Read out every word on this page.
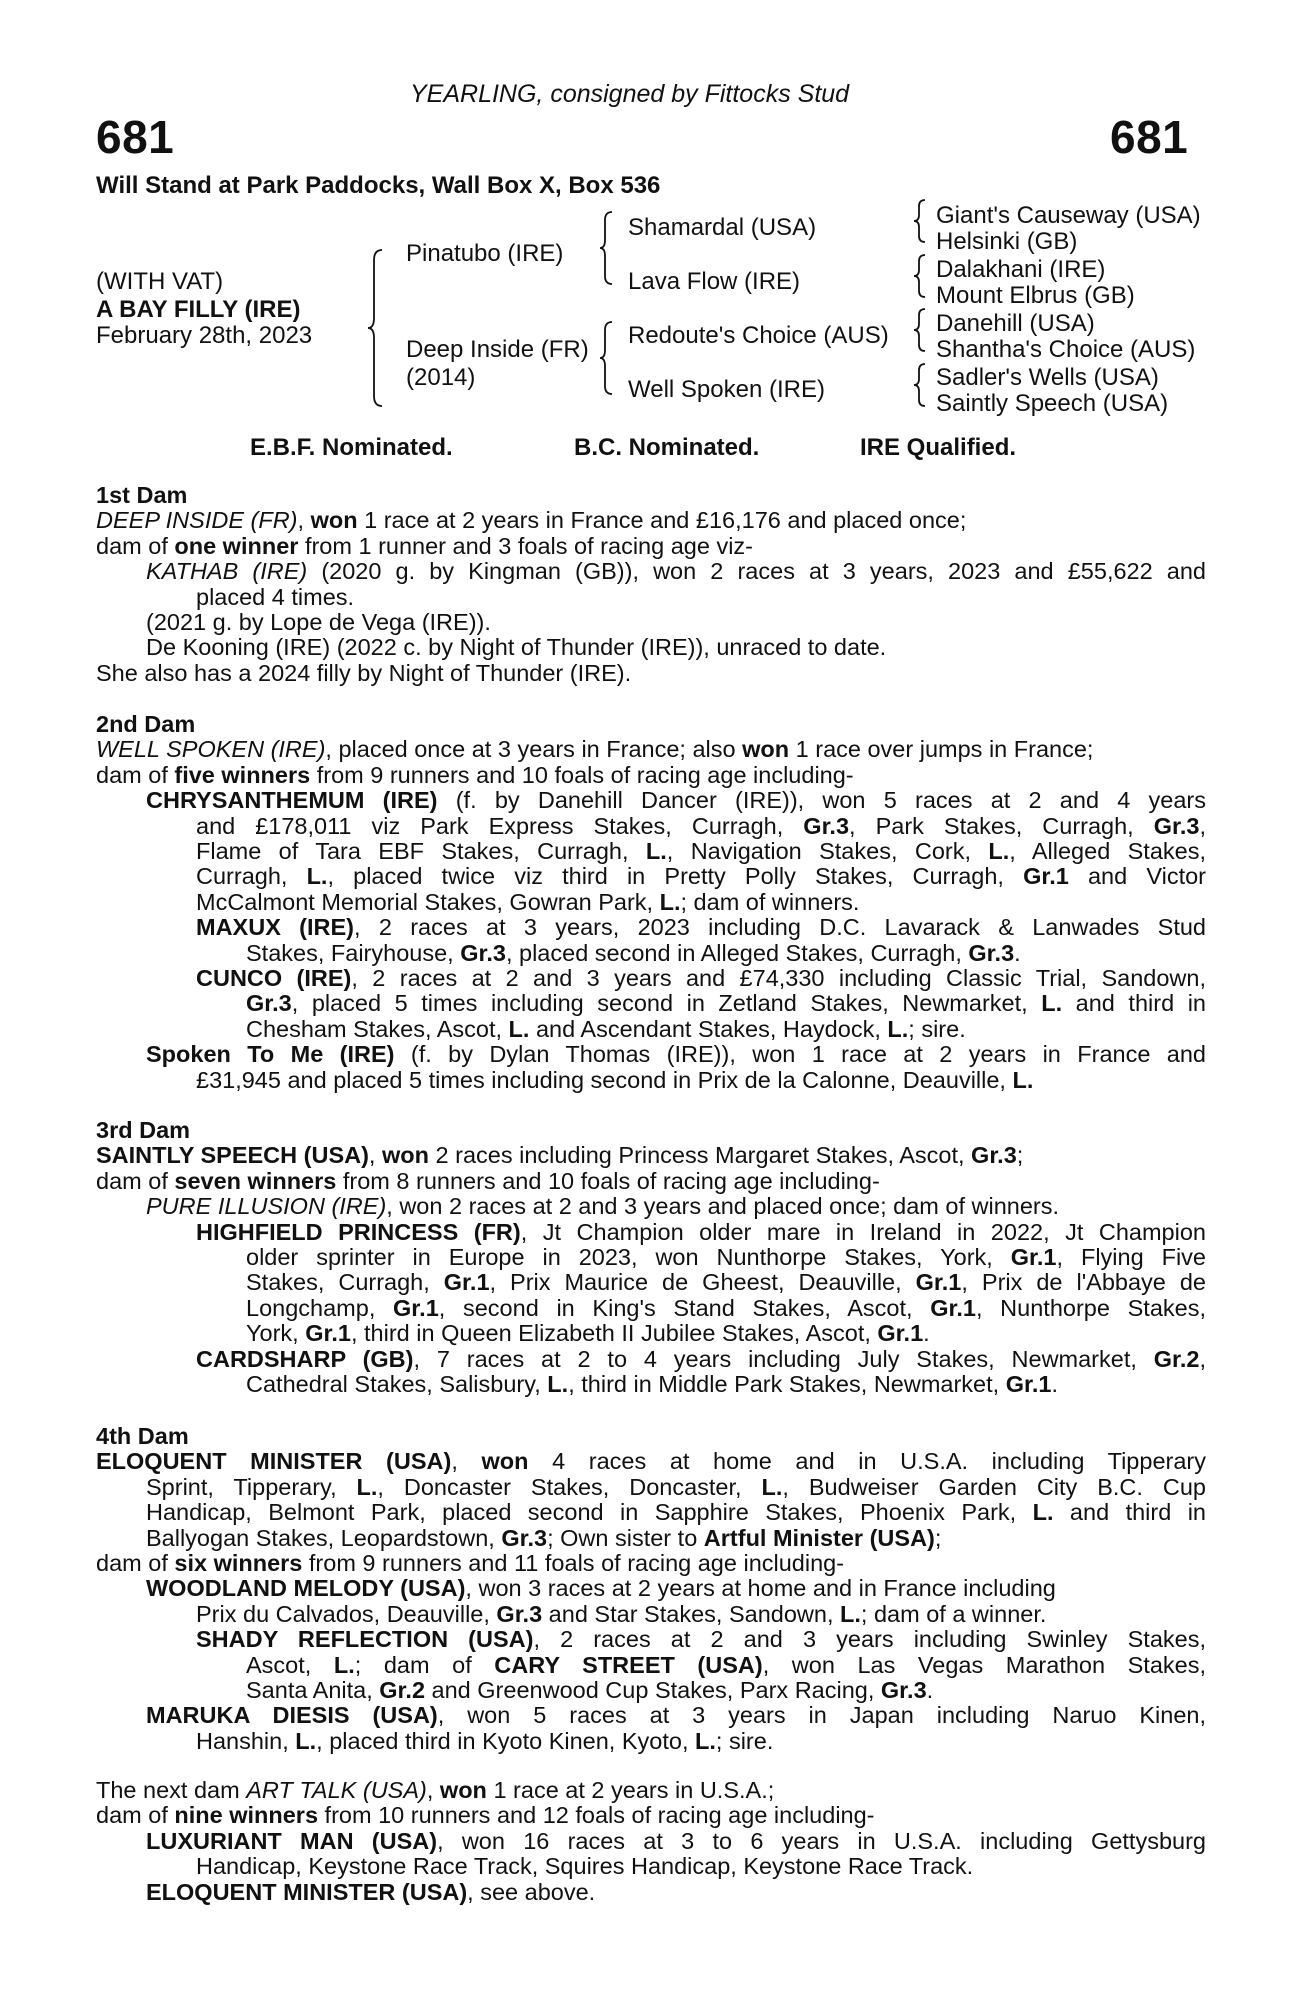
YEARLING, consigned by Fittocks Stud
681	681
Will Stand at Park Paddocks, Wall Box X, Box 536
(WITH VAT)
A BAY FILLY (IRE)
February 28th, 2023
Pinatubo (IRE)
Deep Inside (FR)
(2014)
Shamardal (USA)
Lava Flow (IRE)
Redoute's Choice (AUS)
Well Spoken (IRE)
Giant's Causeway (USA)
Helsinki (GB)
Dalakhani (IRE)
Mount Elbrus (GB)
Danehill (USA)
Shantha's Choice (AUS)
Sadler's Wells (USA)
Saintly Speech (USA)
E.B.F. Nominated.	B.C. Nominated.	IRE Qualified.
1st Dam
DEEP INSIDE (FR), won 1 race at 2 years in France and £16,176 and placed once;
dam of one winner from 1 runner and 3 foals of racing age viz-
KATHAB (IRE) (2020 g. by Kingman (GB)), won 2 races at 3 years, 2023 and £55,622 and
placed 4 times.
(2021 g. by Lope de Vega (IRE)).
De Kooning (IRE) (2022 c. by Night of Thunder (IRE)), unraced to date.
She also has a 2024 filly by Night of Thunder (IRE).
2nd Dam
WELL SPOKEN (IRE), placed once at 3 years in France; also won 1 race over jumps in France;
dam of five winners from 9 runners and 10 foals of racing age including-
CHRYSANTHEMUM (IRE) (f. by Danehill Dancer (IRE)), won 5 races at 2 and 4 years
and £178,011 viz Park Express Stakes, Curragh, Gr.3, Park Stakes, Curragh, Gr.3,
Flame of Tara EBF Stakes, Curragh, L., Navigation Stakes, Cork, L., Alleged Stakes,
Curragh, L., placed twice viz third in Pretty Polly Stakes, Curragh, Gr.1 and Victor
McCalmont Memorial Stakes, Gowran Park, L.; dam of winners.
MAXUX (IRE), 2 races at 3 years, 2023 including D.C. Lavarack & Lanwades Stud
Stakes, Fairyhouse, Gr.3, placed second in Alleged Stakes, Curragh, Gr.3.
CUNCO (IRE), 2 races at 2 and 3 years and £74,330 including Classic Trial, Sandown,
Gr.3, placed 5 times including second in Zetland Stakes, Newmarket, L. and third in
Chesham Stakes, Ascot, L. and Ascendant Stakes, Haydock, L.; sire.
Spoken To Me (IRE) (f. by Dylan Thomas (IRE)), won 1 race at 2 years in France and
£31,945 and placed 5 times including second in Prix de la Calonne, Deauville, L.
3rd Dam
SAINTLY SPEECH (USA), won 2 races including Princess Margaret Stakes, Ascot, Gr.3;
dam of seven winners from 8 runners and 10 foals of racing age including-
PURE ILLUSION (IRE), won 2 races at 2 and 3 years and placed once; dam of winners.
HIGHFIELD PRINCESS (FR), Jt Champion older mare in Ireland in 2022, Jt Champion
older sprinter in Europe in 2023, won Nunthorpe Stakes, York, Gr.1, Flying Five
Stakes, Curragh, Gr.1, Prix Maurice de Gheest, Deauville, Gr.1, Prix de l'Abbaye de
Longchamp, Gr.1, second in King's Stand Stakes, Ascot, Gr.1, Nunthorpe Stakes,
York, Gr.1, third in Queen Elizabeth II Jubilee Stakes, Ascot, Gr.1.
CARDSHARP (GB), 7 races at 2 to 4 years including July Stakes, Newmarket, Gr.2,
Cathedral Stakes, Salisbury, L., third in Middle Park Stakes, Newmarket, Gr.1.
4th Dam
ELOQUENT MINISTER (USA), won 4 races at home and in U.S.A. including Tipperary
Sprint, Tipperary, L., Doncaster Stakes, Doncaster, L., Budweiser Garden City B.C. Cup
Handicap, Belmont Park, placed second in Sapphire Stakes, Phoenix Park, L. and third in
Ballyogan Stakes, Leopardstown, Gr.3; Own sister to Artful Minister (USA);
dam of six winners from 9 runners and 11 foals of racing age including-
WOODLAND MELODY (USA), won 3 races at 2 years at home and in France including
Prix du Calvados, Deauville, Gr.3 and Star Stakes, Sandown, L.; dam of a winner.
SHADY REFLECTION (USA), 2 races at 2 and 3 years including Swinley Stakes,
Ascot, L.; dam of CARY STREET (USA), won Las Vegas Marathon Stakes,
Santa Anita, Gr.2 and Greenwood Cup Stakes, Parx Racing, Gr.3.
MARUKA DIESIS (USA), won 5 races at 3 years in Japan including Naruo Kinen,
Hanshin, L., placed third in Kyoto Kinen, Kyoto, L.; sire.
The next dam ART TALK (USA), won 1 race at 2 years in U.S.A.;
dam of nine winners from 10 runners and 12 foals of racing age including-
LUXURIANT MAN (USA), won 16 races at 3 to 6 years in U.S.A. including Gettysburg
Handicap, Keystone Race Track, Squires Handicap, Keystone Race Track.
ELOQUENT MINISTER (USA), see above.
